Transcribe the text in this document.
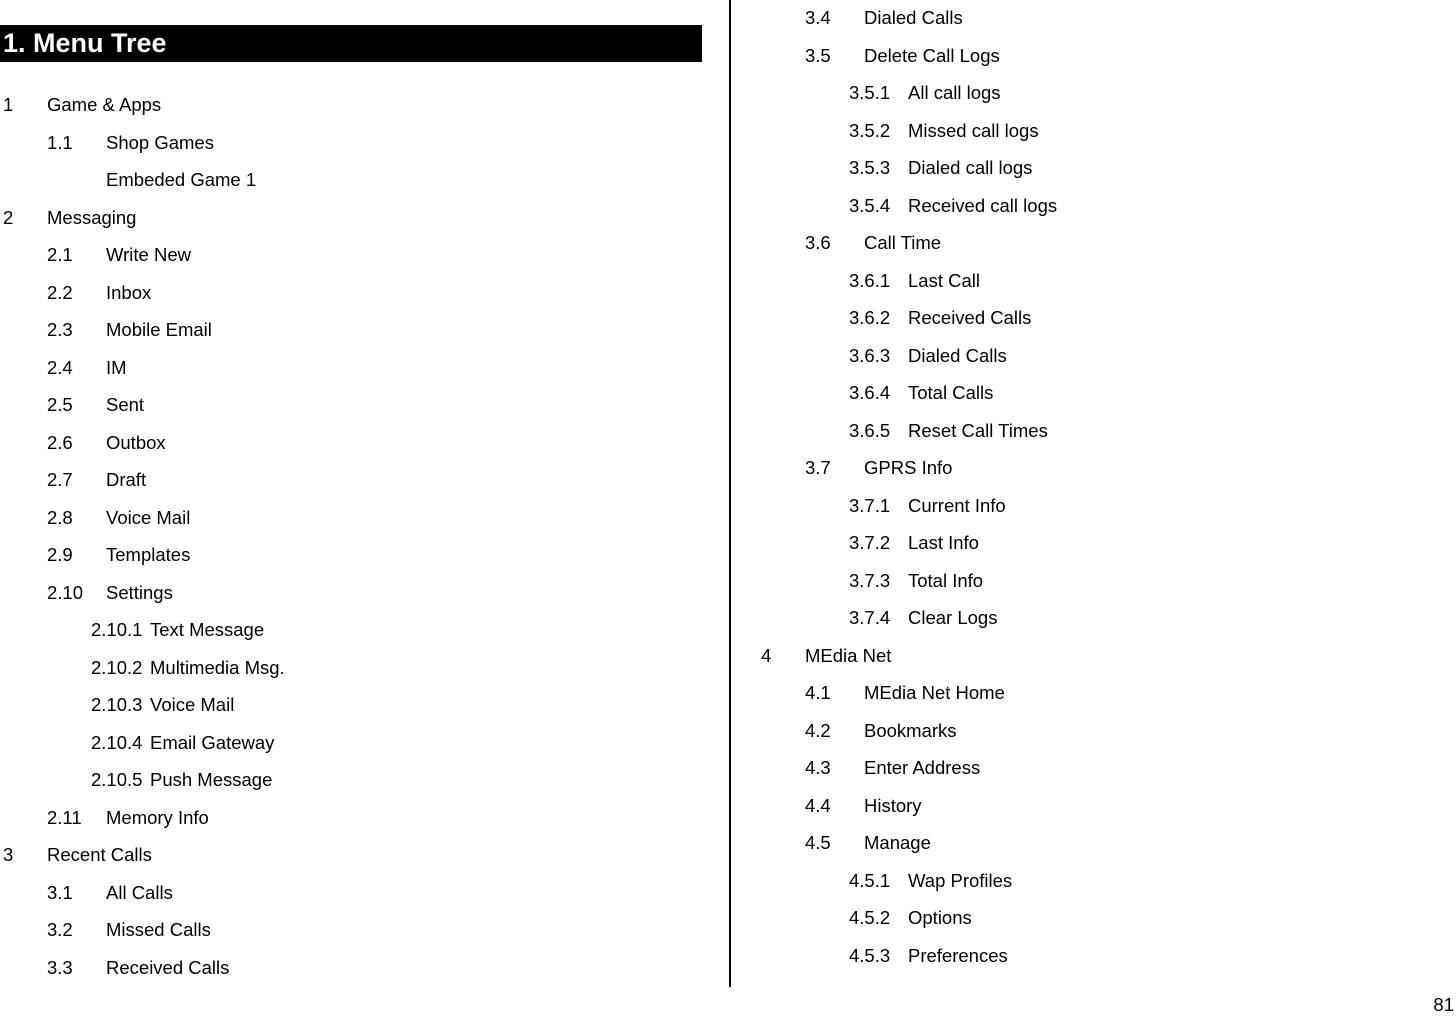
1. Menu Tree
1 Game & Apps
1.1 Shop Games
Embeded Game 1
2 Messaging
2.1 Write New
2.2 Inbox
2.3 Mobile Email
2.4 IM
2.5 Sent
2.6 Outbox
2.7 Draft
2.8 Voice Mail
2.9 Templates
2.10 Settings
2.10.1 Text Message
2.10.2 Multimedia Msg.
2.10.3 Voice Mail
2.10.4 Email Gateway
2.10.5 Push Message
2.11 Memory Info
3 Recent Calls
3.1 All Calls
3.2 Missed Calls
3.3 Received Calls
3.4 Dialed Calls
3.5 Delete Call Logs
3.5.1 All call logs
3.5.2 Missed call logs
3.5.3 Dialed call logs
3.5.4 Received call logs
3.6 Call Time
3.6.1 Last Call
3.6.2 Received Calls
3.6.3 Dialed Calls
3.6.4 Total Calls
3.6.5 Reset Call Times
3.7 GPRS Info
3.7.1 Current Info
3.7.2 Last Info
3.7.3 Total Info
3.7.4 Clear Logs
4 MEdia Net
4.1 MEdia Net Home
4.2 Bookmarks
4.3 Enter Address
4.4 History
4.5 Manage
4.5.1 Wap Profiles
4.5.2 Options
4.5.3 Preferences
81
